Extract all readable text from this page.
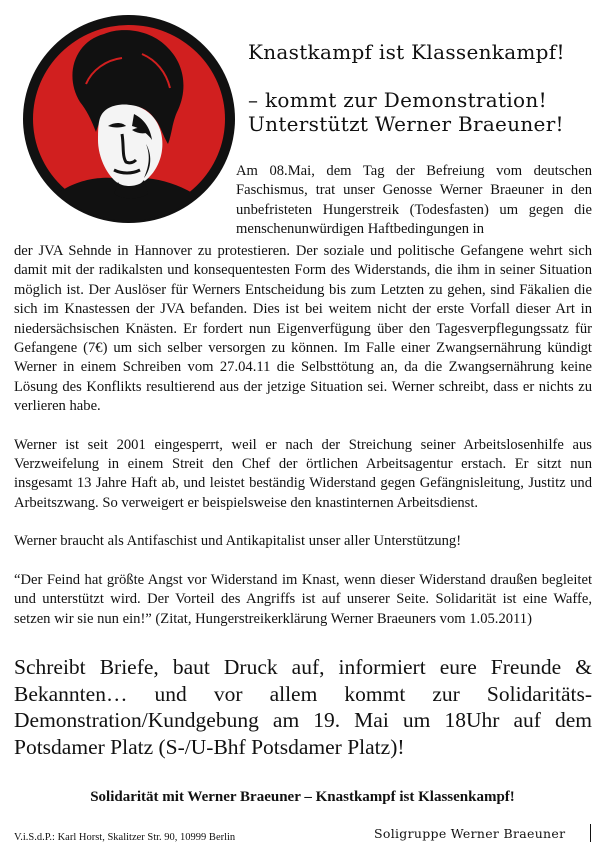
Knastkampf ist Klassenkampf!
– kommt zur Demonstration!
Unterstützt Werner Braeuner!
Am 08.Mai, dem Tag der Befreiung vom deutschen Faschismus, trat unser Genosse Werner Braeuner in den unbefristeten Hungerstreik (Todesfasten) um gegen die menschenunwürdigen Haftbedingungen in

der JVA Sehnde in Hannover zu protestieren. Der soziale und politische Gefangene wehrt sich damit mit der radikalsten und konsequentesten Form des Widerstands, die ihm in seiner Situation möglich ist. Der Auslöser für Werners Entscheidung bis zum Letzten zu gehen, sind Fäkalien die sich im Knastessen der JVA befanden. Dies ist bei weitem nicht der erste Vorfall dieser Art in niedersächsischen Knästen. Er fordert nun Eigenverfügung über den Tagesverpflegungssatz für Gefangene (7€) um sich selber versorgen zu können. Im Falle einer Zwangsernährung kündigt Werner in einem Schreiben vom 27.04.11 die Selbsttötung an, da die Zwangsernährung keine Lösung des Konflikts resultierend aus der jetzige Situation sei. Werner schreibt, dass er nichts zu verlieren habe.

Werner ist seit 2001 eingesperrt, weil er nach der Streichung seiner Arbeitslosenhilfe aus Verzweifelung in einem Streit den Chef der örtlichen Arbeitsagentur erstach. Er sitzt nun insgesamt 13 Jahre Haft ab, und leistet beständig Widerstand gegen Gefängnisleitung, Justitz und Arbeitszwang. So verweigert er beispielsweise den knastinternen Arbeitsdienst.

Werner braucht als Antifaschist und Antikapitalist unser aller Unterstützung!

“Der Feind hat größte Angst vor Widerstand im Knast, wenn dieser Widerstand draußen begleitet und unterstützt wird. Der Vorteil des Angriffs ist auf unserer Seite. Solidarität ist eine Waffe, setzen wir sie nun ein!” (Zitat, Hungerstreikerklärung Werner Braeuners vom 1.05.2011)

Schreibt Briefe, baut Druck auf, informiert eure Freunde & Bekannten… und vor allem kommt zur Solidaritäts-Demonstration/Kundgebung am 19. Mai um 18Uhr auf dem Potsdamer Platz (S-/U-Bhf Potsdamer Platz)!
Solidarität mit Werner Braeuner – Knastkampf ist Klassenkampf!
V.i.S.d.P.: Karl Horst, Skalitzer Str. 90, 10999 Berlin	Soligruppe Werner Braeuner
